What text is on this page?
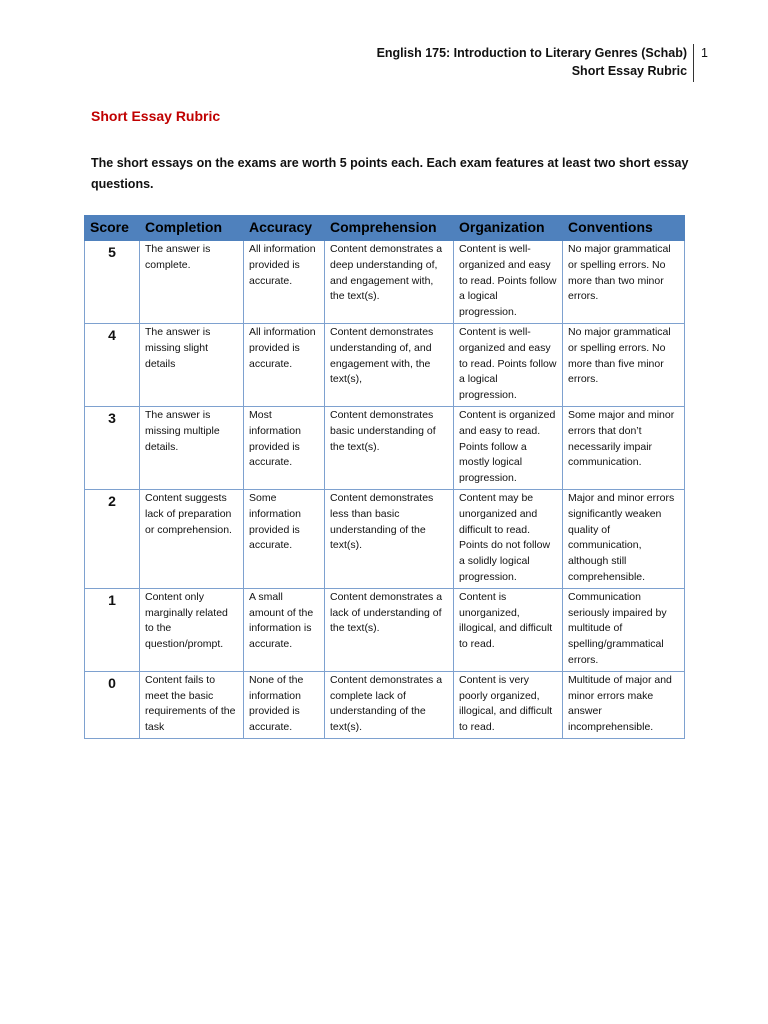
English 175: Introduction to Literary Genres (Schab)
Short Essay Rubric
1
Short Essay Rubric
The short essays on the exams are worth 5 points each. Each exam features at least two short essay questions.
Score	Completion	Accuracy	Comprehension	Organization	Conventions
5	The answer is complete.	All information provided is accurate.	Content demonstrates a deep understanding of, and engagement with, the text(s).	Content is well-organized and easy to read. Points follow a logical progression.	No major grammatical or spelling errors. No more than two minor errors.
4	The answer is missing slight details	All information provided is accurate.	Content demonstrates understanding of, and engagement with, the text(s),	Content is well-organized and easy to read. Points follow a logical progression.	No major grammatical or spelling errors. No more than five minor errors.
3	The answer is missing multiple details.	Most information provided is accurate.	Content demonstrates basic understanding of the text(s).	Content is organized and easy to read. Points follow a mostly logical progression.	Some major and minor errors that don’t necessarily impair communication.
2	Content suggests lack of preparation or comprehension.	Some information provided is accurate.	Content demonstrates less than basic understanding of the text(s).	Content may be unorganized and difficult to read. Points do not follow a solidly logical progression.	Major and minor errors significantly weaken quality of communication, although still comprehensible.
1	Content only marginally related to the question/prompt.	A small amount of the information is accurate.	Content demonstrates a lack of understanding of the text(s).	Content is unorganized, illogical, and difficult to read.	Communication seriously impaired by multitude of spelling/grammatical errors.
0	Content fails to meet the basic requirements of the task	None of the information provided is accurate.	Content demonstrates a complete lack of understanding of the text(s).	Content is very poorly organized, illogical, and difficult to read.	Multitude of major and minor errors make answer incomprehensible.
